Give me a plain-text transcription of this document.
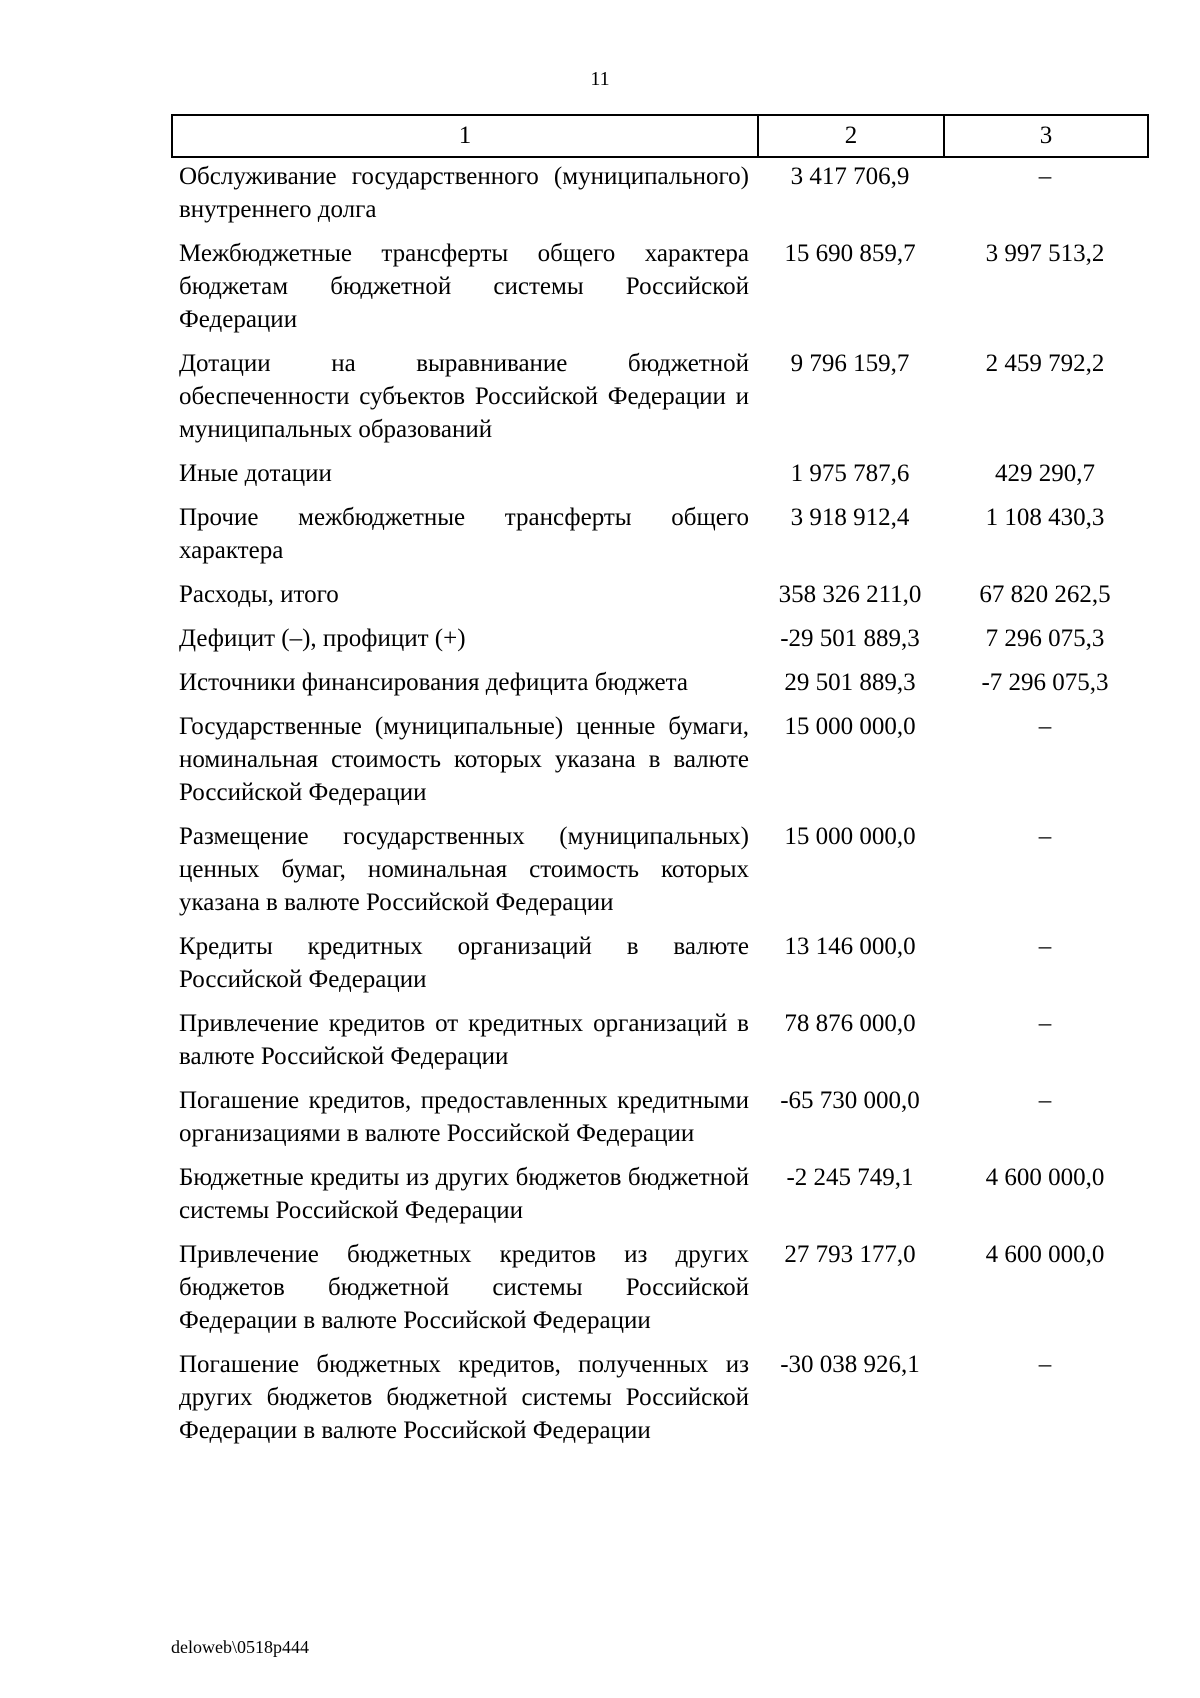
11
1	2	3
Обслуживание государственного (муниципального) внутреннего долга	3 417 706,9	–
Межбюджетные трансферты общего характера бюджетам бюджетной системы Российской Федерации	15 690 859,7	3 997 513,2
Дотации на выравнивание бюджетной обеспеченности субъектов Российской Федерации и муниципальных образований	9 796 159,7	2 459 792,2
Иные дотации	1 975 787,6	429 290,7
Прочие межбюджетные трансферты общего характера	3 918 912,4	1 108 430,3
Расходы, итого	358 326 211,0	67 820 262,5
Дефицит (–), профицит (+)	-29 501 889,3	7 296 075,3
Источники финансирования дефицита бюджета	29 501 889,3	-7 296 075,3
Государственные (муниципальные) ценные бумаги, номинальная стоимость которых указана в валюте Российской Федерации	15 000 000,0	–
Размещение государственных (муниципальных) ценных бумаг, номинальная стоимость которых указана в валюте Российской Федерации	15 000 000,0	–
Кредиты кредитных организаций в валюте Российской Федерации	13 146 000,0	–
Привлечение кредитов от кредитных организаций в валюте Российской Федерации	78 876 000,0	–
Погашение кредитов, предоставленных кредитными организациями в валюте Российской Федерации	-65 730 000,0	–
Бюджетные кредиты из других бюджетов бюджетной системы Российской Федерации	-2 245 749,1	4 600 000,0
Привлечение бюджетных кредитов из других бюджетов бюджетной системы Российской Федерации в валюте Российской Федерации	27 793 177,0	4 600 000,0
Погашение бюджетных кредитов, полученных из других бюджетов бюджетной системы Российской Федерации в валюте Российской Федерации	-30 038 926,1	–
deloweb\0518p444
